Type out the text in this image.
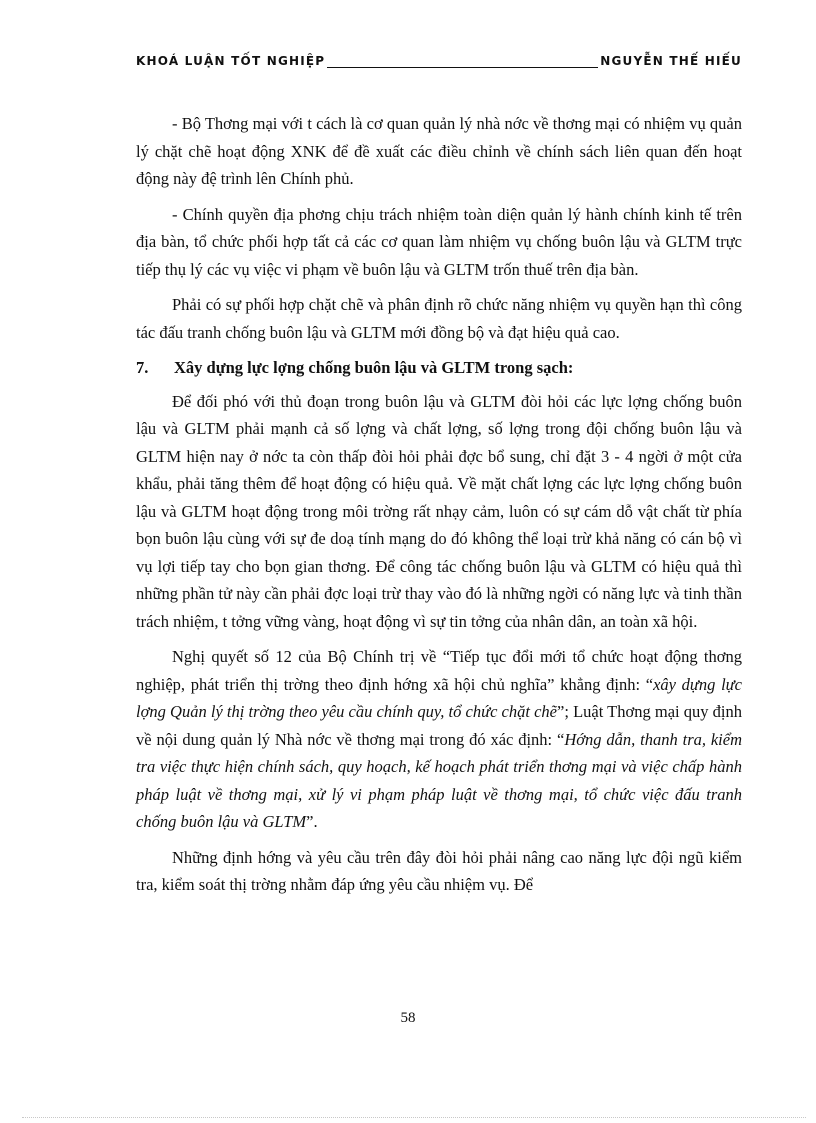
KHOÁ LUẬN TỐT NGHIỆP	NGUYỄN THẾ HIẾU

- Bộ Thơng mại với t cách là cơ quan quản lý nhà nớc về thơng mại có nhiệm vụ quản lý chặt chẽ hoạt động XNK để đề xuất các điều chỉnh về chính sách liên quan đến hoạt động này đệ trình lên Chính phủ.

- Chính quyền địa phơng chịu trách nhiệm toàn diện quản lý hành chính kinh tế trên địa bàn, tổ chức phối hợp tất cả các cơ quan làm nhiệm vụ chống buôn lậu và GLTM trực tiếp thụ lý các vụ việc vi phạm về buôn lậu và GLTM trốn thuế trên địa bàn.

Phải có sự phối hợp chặt chẽ và phân định rõ chức năng nhiệm vụ quyền hạn thì công tác đấu tranh chống buôn lậu và GLTM mới đồng bộ và đạt hiệu quả cao.

7.	Xây dựng lực lợng chống buôn lậu và GLTM trong sạch:

Để đối phó với thủ đoạn trong buôn lậu và GLTM đòi hỏi các lực lợng chống buôn lậu và GLTM phải mạnh cả số lợng và chất lợng, số lợng trong đội chống buôn lậu và GLTM hiện nay ở nớc ta còn thấp đòi hỏi phải đợc bổ sung, chỉ đặt 3 - 4 ngời ở một cửa khẩu, phải tăng thêm để hoạt động có hiệu quả. Về mặt chất lợng các lực lợng chống buôn lậu và GLTM hoạt động trong môi trờng rất nhạy cảm, luôn có sự cám dỗ vật chất từ phía bọn buôn lậu cùng với sự đe doạ tính mạng do đó không thể loại trừ khả năng có cán bộ vì vụ lợi tiếp tay cho bọn gian thơng. Để công tác chống buôn lậu và GLTM có hiệu quả thì những phần tử này cần phải đợc loại trừ thay vào đó là những ngời có năng lực và tinh thần trách nhiệm, t tởng vững vàng, hoạt động vì sự tin tởng của nhân dân, an toàn xã hội.

Nghị quyết số 12 của Bộ Chính trị về “Tiếp tục đổi mới tổ chức hoạt động thơng nghiệp, phát triển thị trờng theo định hớng xã hội chủ nghĩa” khẳng định: “xây dựng lực lợng Quản lý thị trờng theo yêu cầu chính quy, tổ chức chặt chẽ”; Luật Thơng mại quy định về nội dung quản lý Nhà nớc về thơng mại trong đó xác định: “Hớng dẫn, thanh tra, kiểm tra việc thực hiện chính sách, quy hoạch, kế hoạch phát triển thơng mại và việc chấp hành pháp luật về thơng mại, xử lý vi phạm pháp luật về thơng mại, tổ chức việc đấu tranh chống buôn lậu và GLTM”.

Những định hớng và yêu cầu trên đây đòi hỏi phải nâng cao năng lực đội ngũ kiểm tra, kiểm soát thị trờng nhằm đáp ứng yêu cầu nhiệm vụ. Để

58
